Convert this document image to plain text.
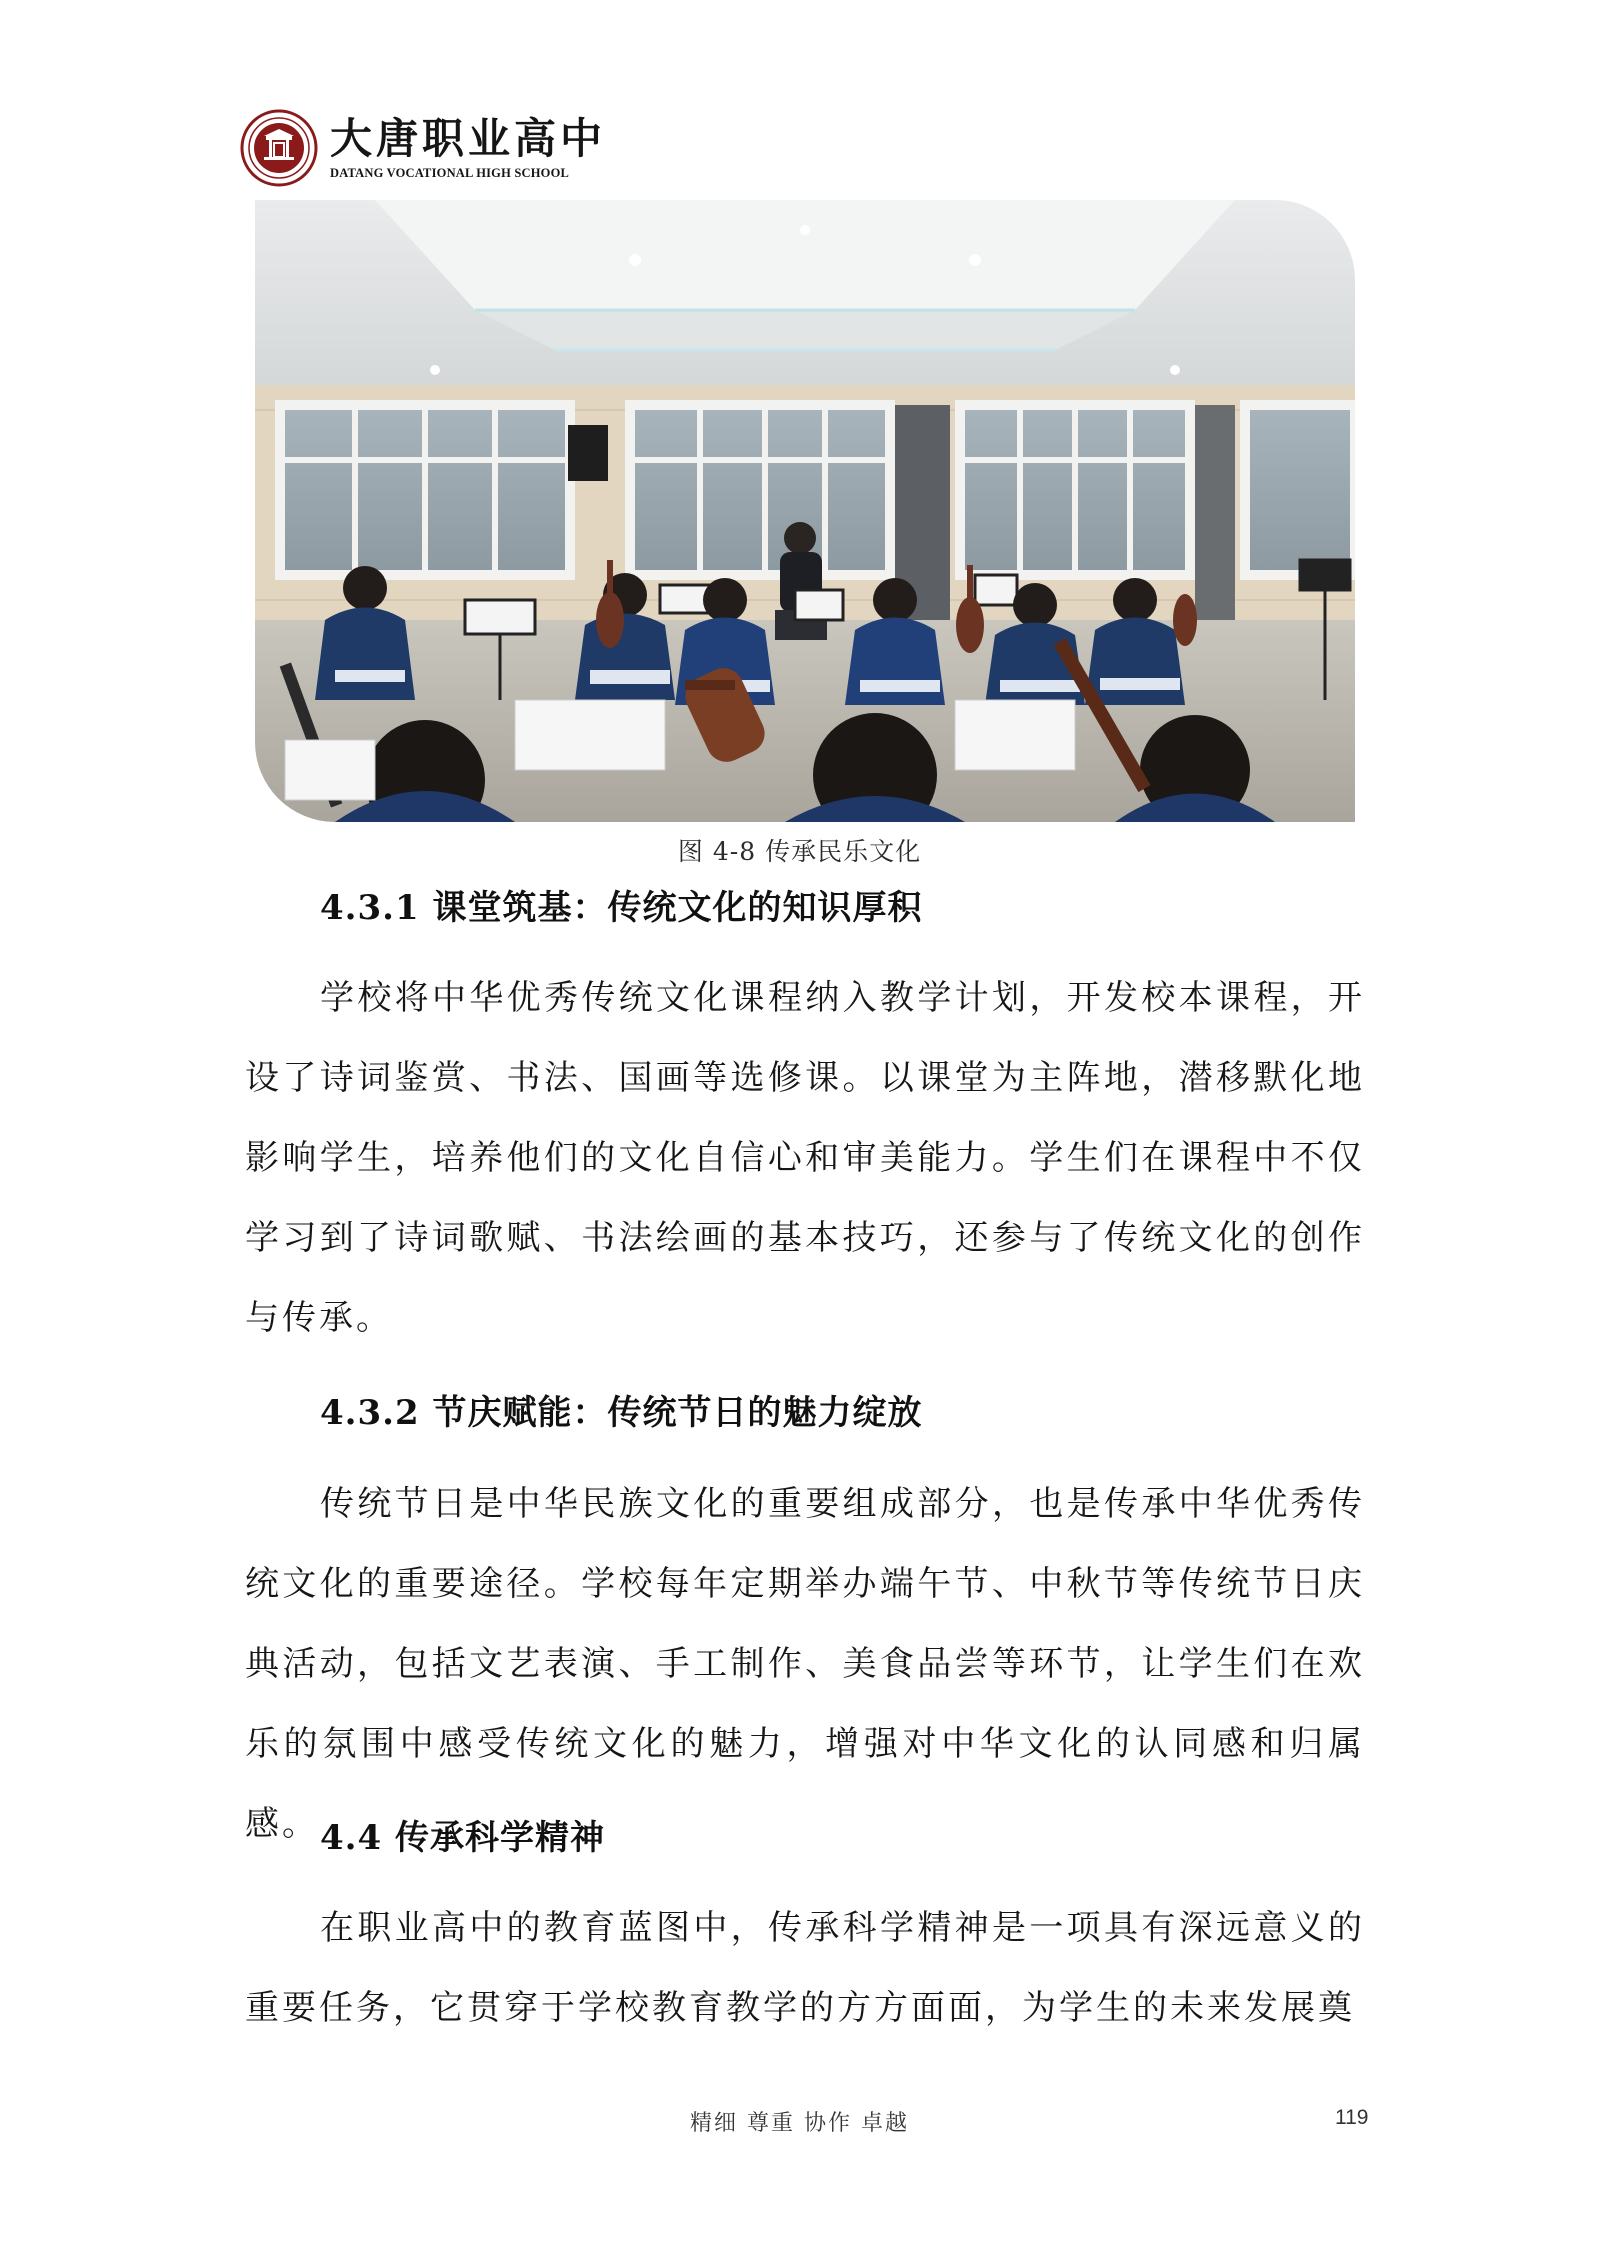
大唐职业高中
DATANG VOCATIONAL HIGH SCHOOL
图 4-8 传承民乐文化
4.3.1 课堂筑基：传统文化的知识厚积

学校将中华优秀传统文化课程纳入教学计划，开发校本课程，开设了诗词鉴赏、书法、国画等选修课。以课堂为主阵地，潜移默化地影响学生，培养他们的文化自信心和审美能力。学生们在课程中不仅学习到了诗词歌赋、书法绘画的基本技巧，还参与了传统文化的创作与传承。

4.3.2 节庆赋能：传统节日的魅力绽放

传统节日是中华民族文化的重要组成部分，也是传承中华优秀传统文化的重要途径。学校每年定期举办端午节、中秋节等传统节日庆典活动，包括文艺表演、手工制作、美食品尝等环节，让学生们在欢乐的氛围中感受传统文化的魅力，增强对中华文化的认同感和归属感。 4.4 传承科学精神

在职业高中的教育蓝图中，传承科学精神是一项具有深远意义的重要任务，它贯穿于学校教育教学的方方面面，为学生的未来发展奠

精细 尊重 协作 卓越	119
